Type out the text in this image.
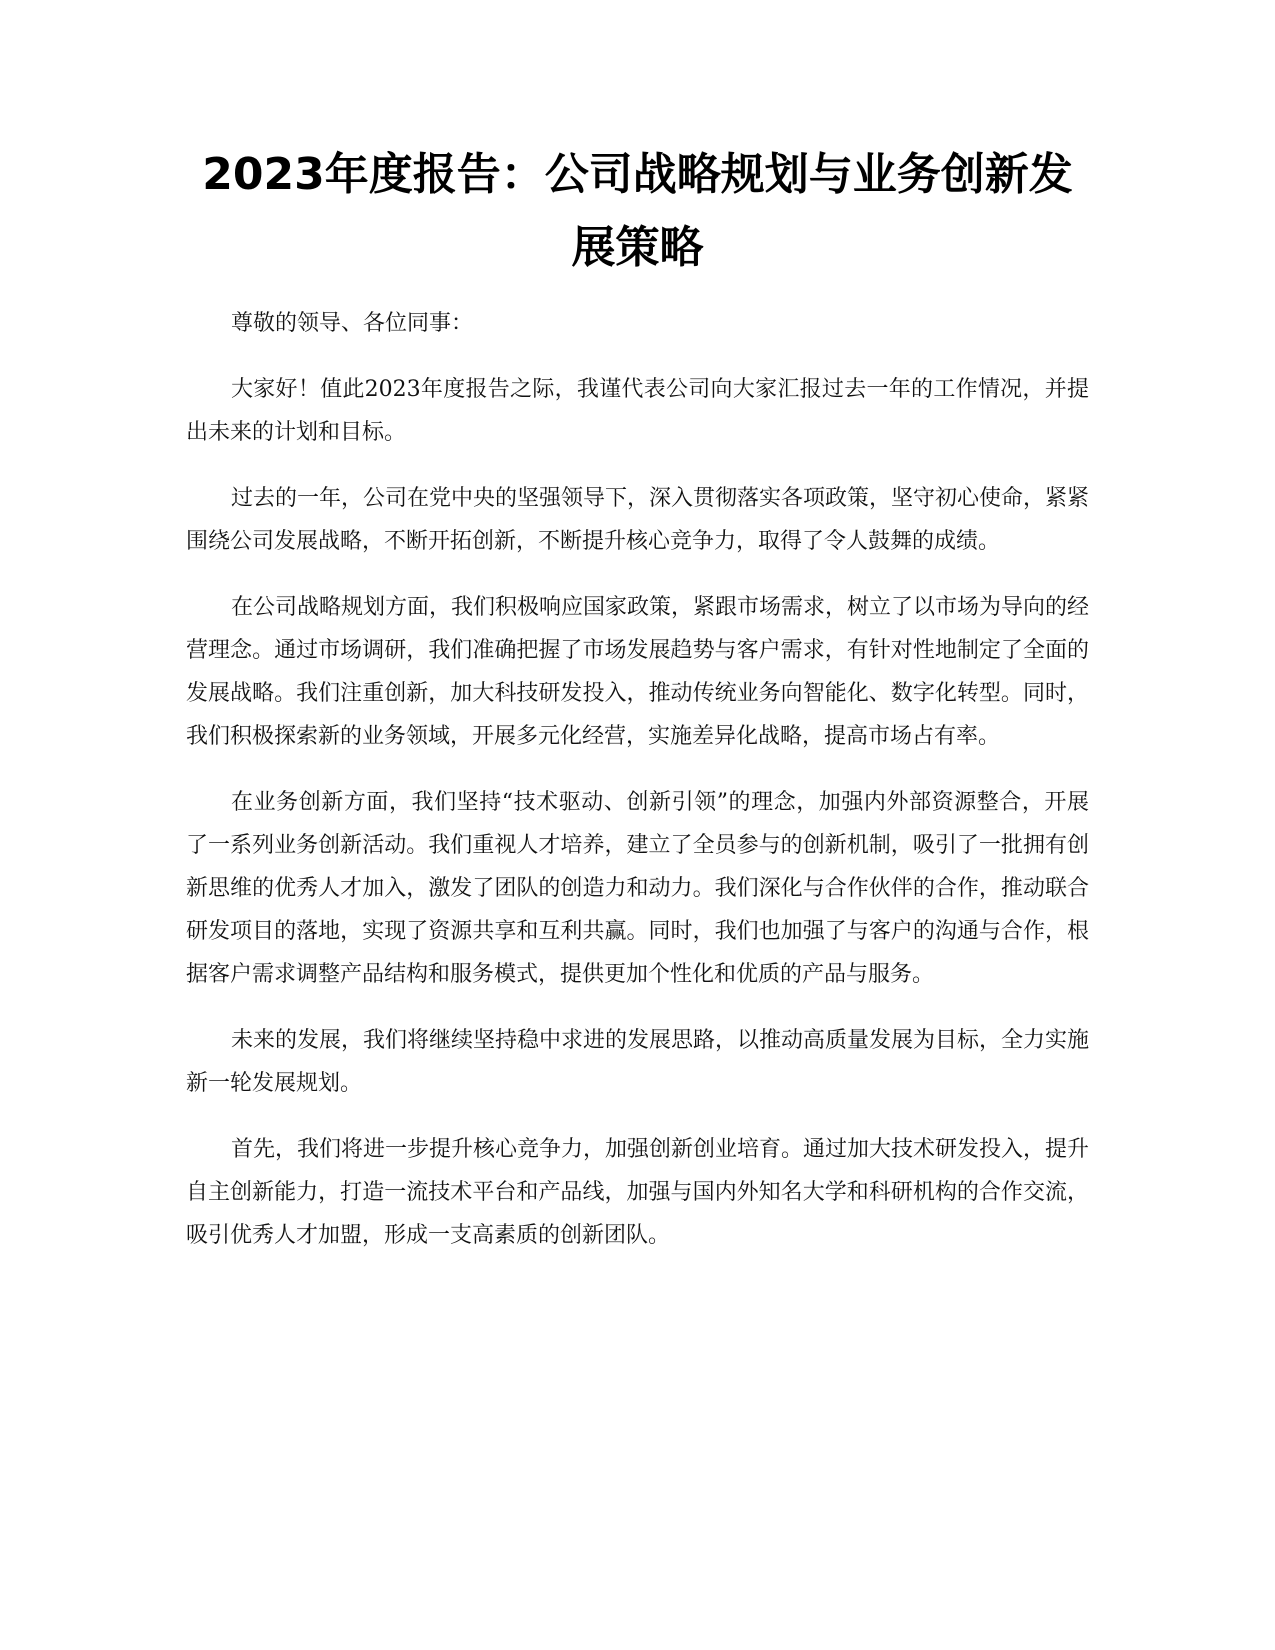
2023年度报告：公司战略规划与业务创新发展策略

尊敬的领导、各位同事：

大家好！值此2023年度报告之际，我谨代表公司向大家汇报过去一年的工作情况，并提出未来的计划和目标。

过去的一年，公司在党中央的坚强领导下，深入贯彻落实各项政策，坚守初心使命，紧紧围绕公司发展战略，不断开拓创新，不断提升核心竞争力，取得了令人鼓舞的成绩。

在公司战略规划方面，我们积极响应国家政策，紧跟市场需求，树立了以市场为导向的经营理念。通过市场调研，我们准确把握了市场发展趋势与客户需求，有针对性地制定了全面的发展战略。我们注重创新，加大科技研发投入，推动传统业务向智能化、数字化转型。同时，我们积极探索新的业务领域，开展多元化经营，实施差异化战略，提高市场占有率。

在业务创新方面，我们坚持“技术驱动、创新引领”的理念，加强内外部资源整合，开展了一系列业务创新活动。我们重视人才培养，建立了全员参与的创新机制，吸引了一批拥有创新思维的优秀人才加入，激发了团队的创造力和动力。我们深化与合作伙伴的合作，推动联合研发项目的落地，实现了资源共享和互利共赢。同时，我们也加强了与客户的沟通与合作，根据客户需求调整产品结构和服务模式，提供更加个性化和优质的产品与服务。

未来的发展，我们将继续坚持稳中求进的发展思路，以推动高质量发展为目标，全力实施新一轮发展规划。

首先，我们将进一步提升核心竞争力，加强创新创业培育。通过加大技术研发投入，提升自主创新能力，打造一流技术平台和产品线，加强与国内外知名大学和科研机构的合作交流，吸引优秀人才加盟，形成一支高素质的创新团队。
